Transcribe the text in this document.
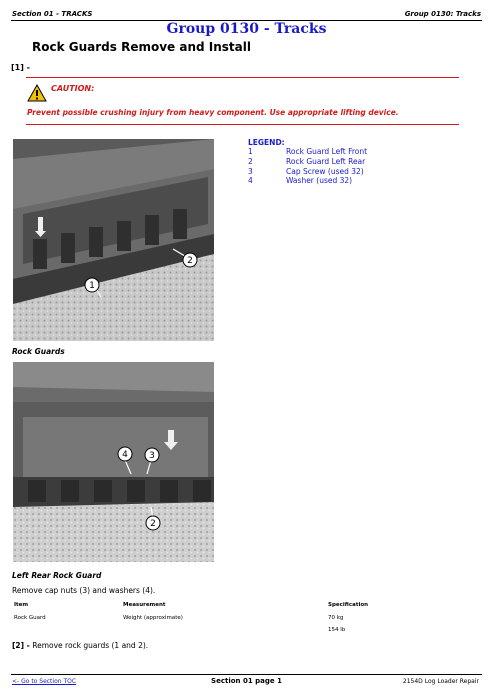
Section 01 - TRACKS	Group 0130: Tracks
Group 0130 - Tracks
Rock Guards Remove and Install
[1] -
CAUTION:
Prevent possible crushing injury from heavy component. Use appropriate lifting device.
1
2
LEGEND:
1	Rock Guard Left Front
2	Rock Guard Left Rear
3	Cap Screw (used 32)
4	Washer (used 32)
Rock Guards
4 3
2
Left Rear Rock Guard
Remove cap nuts (3) and washers (4).
Item	Measurement	Specification
Rock Guard	Weight (approximate)	70 kg
154 lb
[2] - Remove rock guards (1 and 2).
<- Go to Section TOC	Section 01 page 1	2154D Log Loader Repair
